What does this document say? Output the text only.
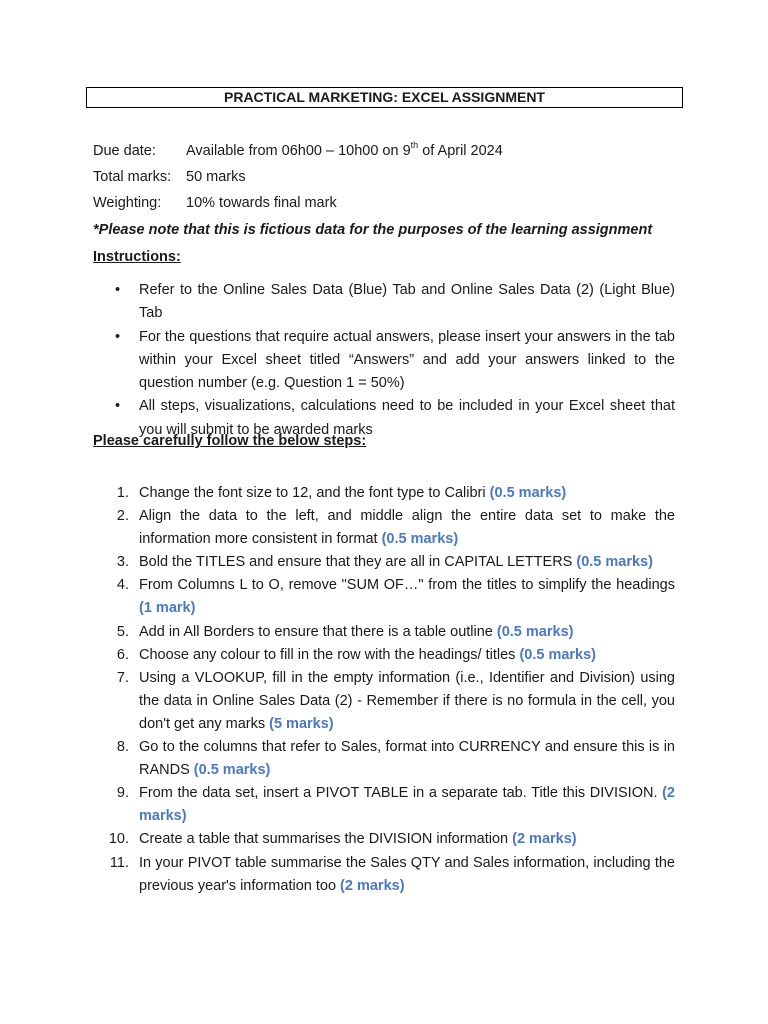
PRACTICAL MARKETING: EXCEL ASSIGNMENT
Due date: Available from 06h00 – 10h00 on 9th of April 2024
Total marks: 50 marks
Weighting: 10% towards final mark
*Please note that this is fictious data for the purposes of the learning assignment
Instructions:
• Refer to the Online Sales Data (Blue) Tab and Online Sales Data (2) (Light Blue) Tab
• For the questions that require actual answers, please insert your answers in the tab within your Excel sheet titled “Answers” and add your answers linked to the question number (e.g. Question 1 = 50%)
• All steps, visualizations, calculations need to be included in your Excel sheet that you will submit to be awarded marks
Please carefully follow the below steps:
1. Change the font size to 12, and the font type to Calibri (0.5 marks)
2. Align the data to the left, and middle align the entire data set to make the information more consistent in format (0.5 marks)
3. Bold the TITLES and ensure that they are all in CAPITAL LETTERS (0.5 marks)
4. From Columns L to O, remove "SUM OF…" from the titles to simplify the headings (1 mark)
5. Add in All Borders to ensure that there is a table outline (0.5 marks)
6. Choose any colour to fill in the row with the headings/ titles (0.5 marks)
7. Using a VLOOKUP, fill in the empty information (i.e., Identifier and Division) using the data in Online Sales Data (2) - Remember if there is no formula in the cell, you don't get any marks (5 marks)
8. Go to the columns that refer to Sales, format into CURRENCY and ensure this is in RANDS (0.5 marks)
9. From the data set, insert a PIVOT TABLE in a separate tab. Title this DIVISION. (2 marks)
10. Create a table that summarises the DIVISION information (2 marks)
11. In your PIVOT table summarise the Sales QTY and Sales information, including the previous year's information too (2 marks)
